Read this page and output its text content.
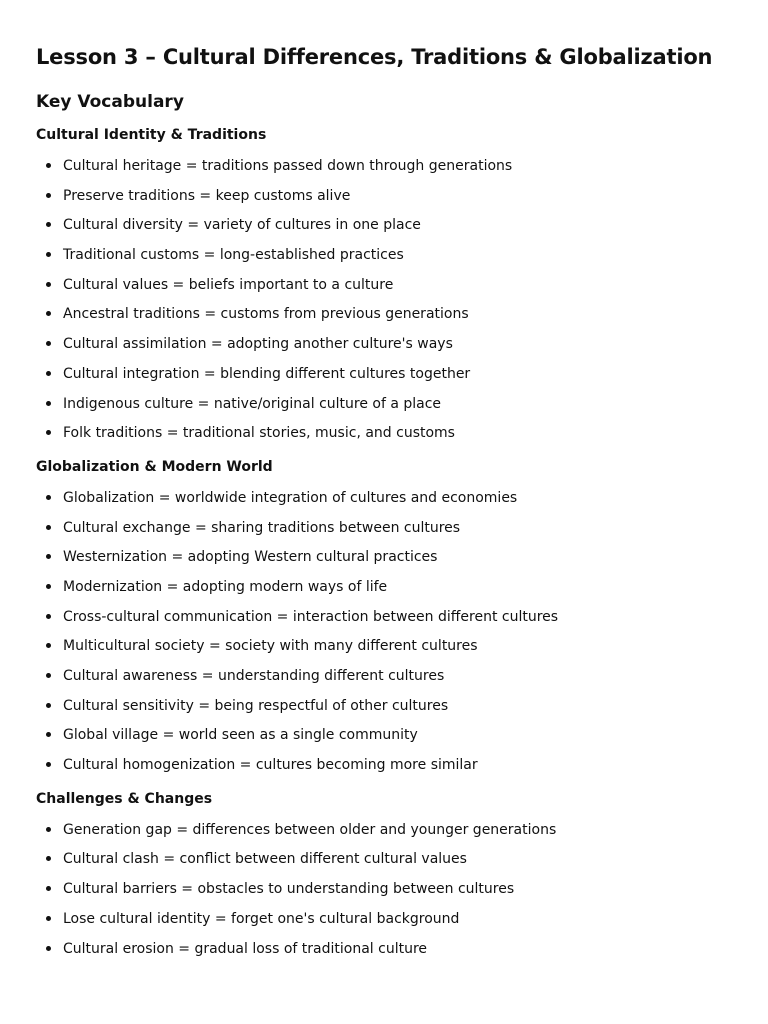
Lesson 3 – Cultural Differences, Traditions & Globalization
Key Vocabulary
Cultural Identity & Traditions
Cultural heritage = traditions passed down through generations
Preserve traditions = keep customs alive
Cultural diversity = variety of cultures in one place
Traditional customs = long-established practices
Cultural values = beliefs important to a culture
Ancestral traditions = customs from previous generations
Cultural assimilation = adopting another culture's ways
Cultural integration = blending different cultures together
Indigenous culture = native/original culture of a place
Folk traditions = traditional stories, music, and customs
Globalization & Modern World
Globalization = worldwide integration of cultures and economies
Cultural exchange = sharing traditions between cultures
Westernization = adopting Western cultural practices
Modernization = adopting modern ways of life
Cross-cultural communication = interaction between different cultures
Multicultural society = society with many different cultures
Cultural awareness = understanding different cultures
Cultural sensitivity = being respectful of other cultures
Global village = world seen as a single community
Cultural homogenization = cultures becoming more similar
Challenges & Changes
Generation gap = differences between older and younger generations
Cultural clash = conflict between different cultural values
Cultural barriers = obstacles to understanding between cultures
Lose cultural identity = forget one's cultural background
Cultural erosion = gradual loss of traditional culture
